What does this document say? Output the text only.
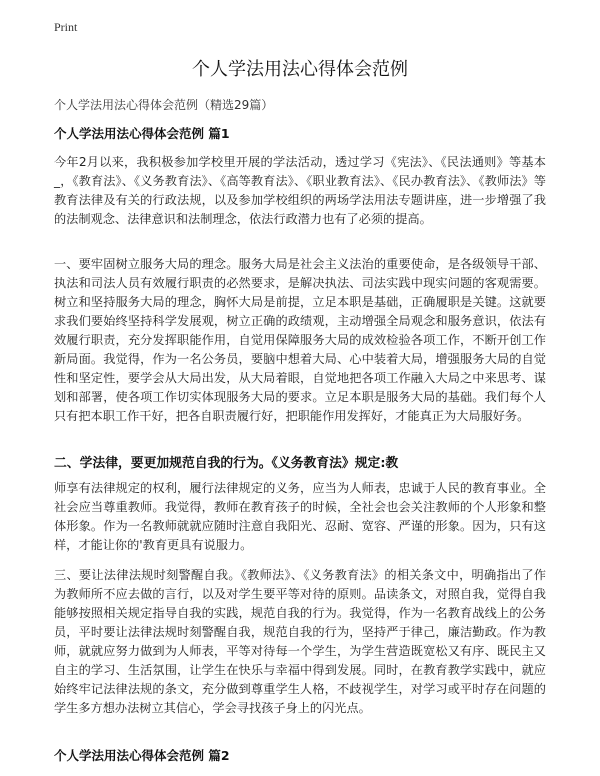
Print
个人学法用法心得体会范例
个人学法用法心得体会范例（精选29篇）
个人学法用法心得体会范例 篇1
今年2月以来，我积极参加学校里开展的学法活动，透过学习《宪法》、《民法通则》等基本_，《教育法》、《义务教育法》、《高等教育法》、《职业教育法》、《民办教育法》、《教师法》等教育法律及有关的行政法规，以及参加学校组织的两场学法用法专题讲座，进一步增强了我的法制观念、法律意识和法制理念，依法行政潜力也有了必须的提高。
一、要牢固树立服务大局的理念。服务大局是社会主义法治的重要使命，是各级领导干部、执法和司法人员有效履行职责的必然要求，是解决执法、司法实践中现实问题的客观需要。树立和坚持服务大局的理念，胸怀大局是前提，立足本职是基础，正确履职是关键。这就要求我们要始终坚持科学发展观，树立正确的政绩观，主动增强全局观念和服务意识，依法有效履行职责，充分发挥职能作用，自觉用保障服务大局的成效检验各项工作，不断开创工作新局面。我觉得，作为一名公务员，要脑中想着大局、心中装着大局，增强服务大局的自觉性和坚定性，要学会从大局出发，从大局着眼，自觉地把各项工作融入大局之中来思考、谋划和部署，使各项工作切实体现服务大局的要求。立足本职是服务大局的基础。我们每个人只有把本职工作干好，把各自职责履行好，把职能作用发挥好，才能真正为大局服好务。
二、学法律，要更加规范自我的行为。《义务教育法》规定:教
师享有法律规定的权利，履行法律规定的义务，应当为人师表，忠诚于人民的教育事业。全社会应当尊重教师。我觉得，教师在教育孩子的时候，全社会也会关注教师的个人形象和整体形象。作为一名教师就就应随时注意自我阳光、忍耐、宽容、严谨的形象。因为，只有这样，才能让你的'教育更具有说服力。
三、要让法律法规时刻警醒自我。《教师法》、《义务教育法》的相关条文中，明确指出了作为教师所不应去做的言行，以及对学生要平等对待的原则。品读条文，对照自我，觉得自我能够按照相关规定指导自我的实践，规范自我的行为。我觉得，作为一名教育战线上的公务员，平时要让法律法规时刻警醒自我，规范自我的行为，坚持严于律己，廉洁勤政。作为教师，就就应努力做到为人师表，平等对待每一个学生，为学生营造既宽松又有序、既民主又自主的学习、生活氛围，让学生在快乐与幸福中得到发展。同时，在教育教学实践中，就应始终牢记法律法规的条文，充分做到尊重学生人格，不歧视学生，对学习或平时存在问题的学生多方想办法树立其信心，学会寻找孩子身上的闪光点。
个人学法用法心得体会范例 篇2
